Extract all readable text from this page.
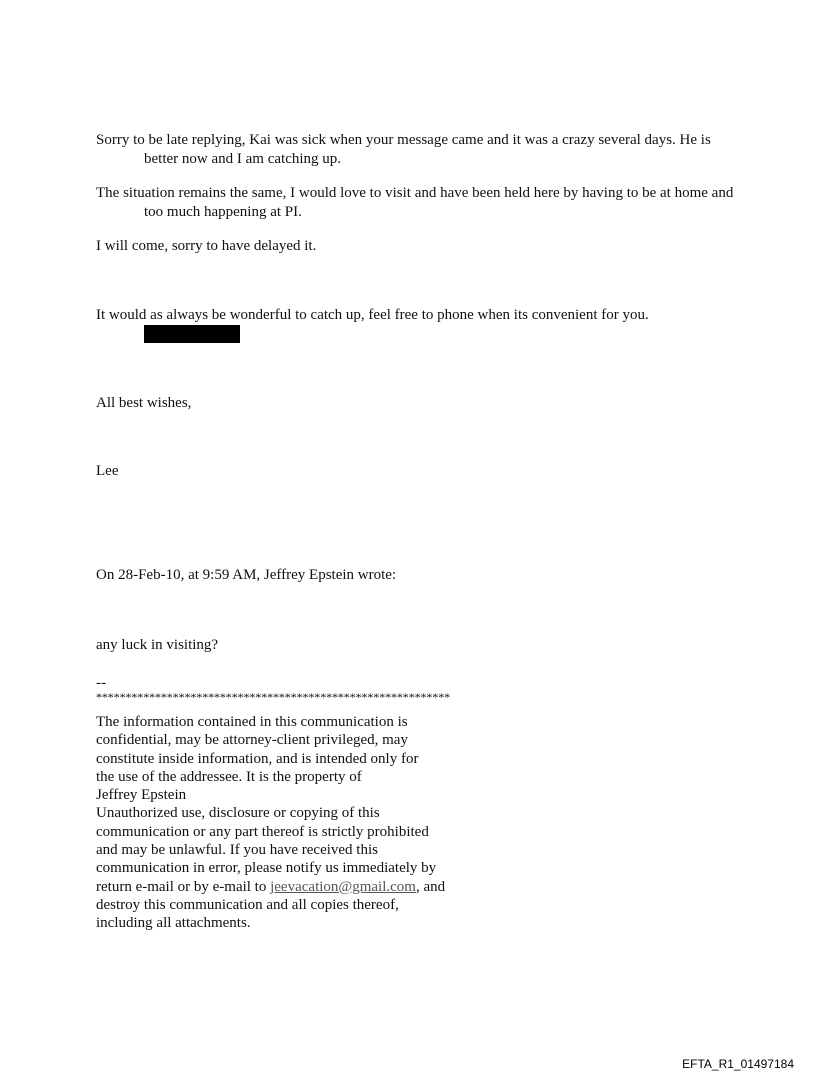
Sorry to be late replying, Kai was sick when your message came and it was a crazy several days. He is better now and I am catching up.

The situation remains the same, I would love to visit and have been held here by having to be at home and too much happening at PI.

I will come, sorry to have delayed it.

It would as always be wonderful to catch up, feel free to phone when its convenient for you.

All best wishes,

Lee

On 28-Feb-10, at 9:59 AM, Jeffrey Epstein wrote:

any luck in visiting?

--

************************************************************

The information contained in this communication is

confidential, may be attorney-client privileged, may

constitute inside information, and is intended only for

the use of the addressee. It is the property of

Jeffrey Epstein

Unauthorized use, disclosure or copying of this

communication or any part thereof is strictly prohibited

and may be unlawful. If you have received this

communication in error, please notify us immediately by

return e-mail or by e-mail to jeevacation@gmail.com, and

destroy this communication and all copies thereof,

including all attachments.

EFTA_R1_01497184
